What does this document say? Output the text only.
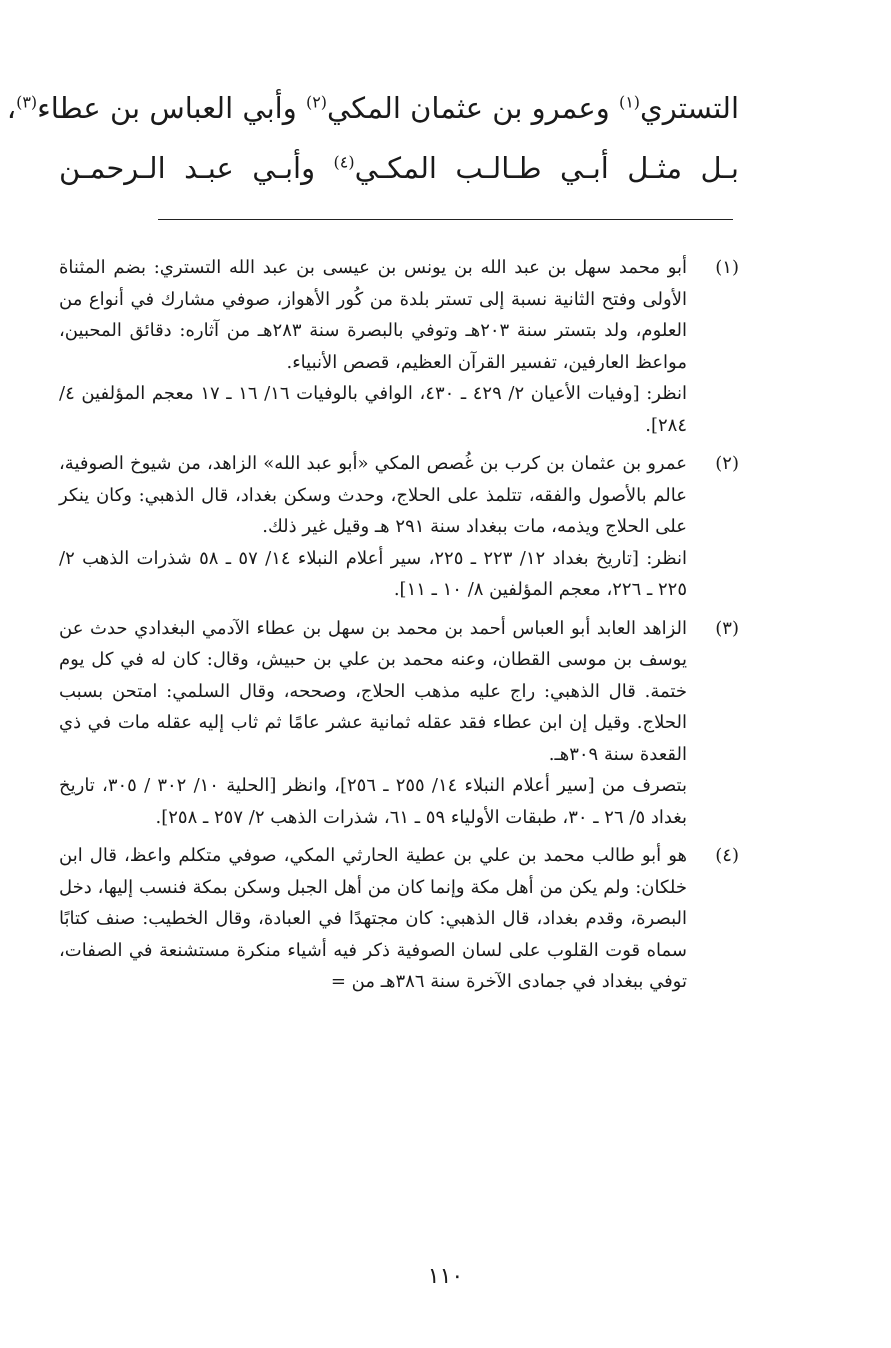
التستري$^{(١)}$ وعمرو بن عثمان المكي$^{(٢)}$ وأبي العباس بن عطاء$^{(٣)}$،
بـل مثـل أبـي طـالـب المكـي$^{(٤)}$ وأبـي عبـد الـرحمـن
(١)

أبو محمد سهل بن عبد الله بن يونس بن عيسى بن عبد الله التستري: بضم المثناة الأولى وفتح الثانية نسبة إلى تستر بلدة من كُور الأهواز، صوفي مشارك في أنواع من العلوم، ولد بتستر سنة ٢٠٣هـ وتوفي بالبصرة سنة ٢٨٣هـ من آثاره: دقائق المحبين، مواعظ العارفين، تفسير القرآن العظيم، قصص الأنبياء.

انظر: [وفيات الأعيان ٢/ ٤٢٩ ـ ٤٣٠، الوافي بالوفيات ١٦/ ١٦ ـ ١٧ معجم المؤلفين ٤/ ٢٨٤].

(٢)

عمرو بن عثمان بن كرب بن غُصص المكي «أبو عبد الله» الزاهد، من شيوخ الصوفية، عالم بالأصول والفقه، تتلمذ على الحلاج، وحدث وسكن بغداد، قال الذهبي: وكان ينكر على الحلاج ويذمه، مات ببغداد سنة ٢٩١ هـ وقيل غير ذلك.

انظر: [تاريخ بغداد ١٢/ ٢٢٣ ـ ٢٢٥، سير أعلام النبلاء ١٤/ ٥٧ ـ ٥٨ شذرات الذهب ٢/ ٢٢٥ ـ ٢٢٦، معجم المؤلفين ٨/ ١٠ ـ ١١].

(٣)

الزاهد العابد أبو العباس أحمد بن محمد بن سهل بن عطاء الآدمي البغدادي حدث عن يوسف بن موسى القطان، وعنه محمد بن علي بن حبيش، وقال: كان له في كل يوم ختمة. قال الذهبي: راج عليه مذهب الحلاج، وصححه، وقال السلمي: امتحن بسبب الحلاج. وقيل إن ابن عطاء فقد عقله ثمانية عشر عامًا ثم ثاب إليه عقله مات في ذي القعدة سنة ٣٠٩هـ.

بتصرف من [سير أعلام النبلاء ١٤/ ٢٥٥ ـ ٢٥٦]، وانظر [الحلية ١٠/ ٣٠٢ / ٣٠٥، تاريخ بغداد ٥/ ٢٦ ـ ٣٠، طبقات الأولياء ٥٩ ـ ٦١، شذرات الذهب ٢/ ٢٥٧ ـ ٢٥٨].

(٤)

هو أبو طالب محمد بن علي بن عطية الحارثي المكي، صوفي متكلم واعظ، قال ابن خلكان: ولم يكن من أهل مكة وإنما كان من أهل الجبل وسكن بمكة فنسب إليها، دخل البصرة، وقدم بغداد، قال الذهبي: كان مجتهدًا في العبادة، وقال الخطيب: صنف كتابًا سماه قوت القلوب على لسان الصوفية ذكر فيه أشياء منكرة مستشنعة في الصفات، توفي ببغداد في جمادى الآخرة سنة ٣٨٦هـ من =

١١٠
